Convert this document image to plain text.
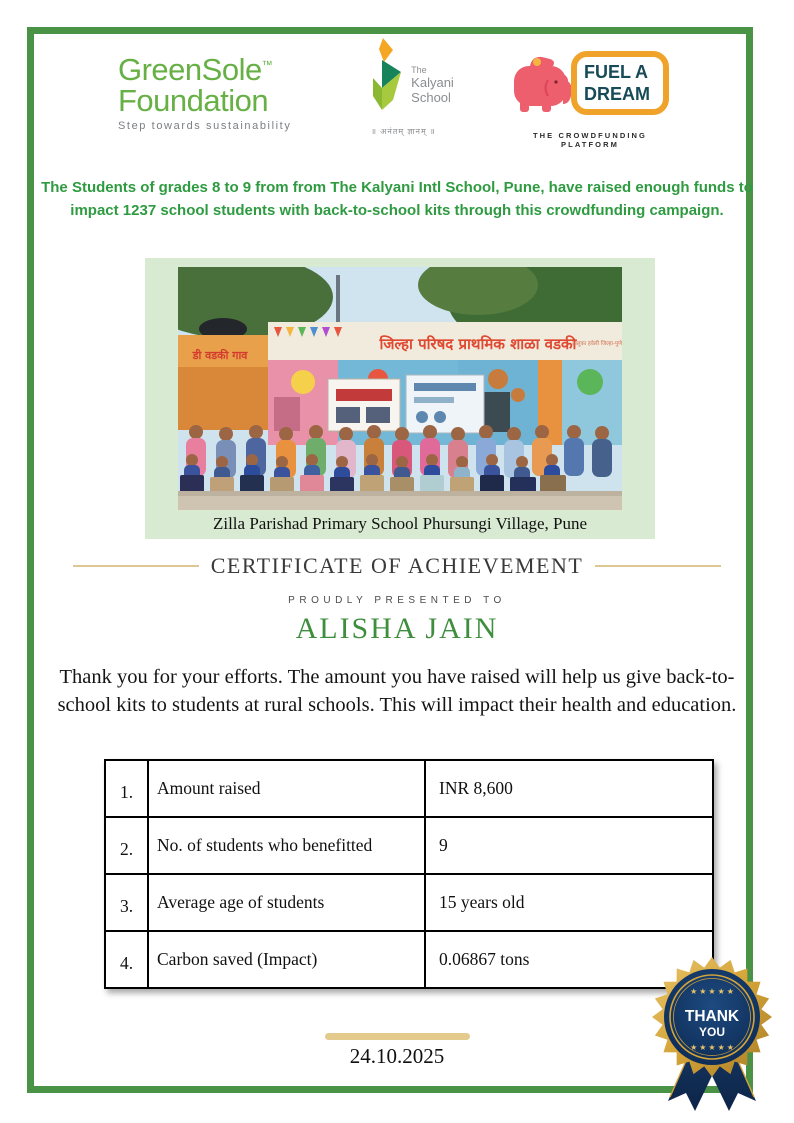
GreenSole™
Foundation
Step towards sustainability
The
Kalyani
School
॥ अनंतम् ज्ञानम् ॥
FUEL A
DREAM
THE CROWDFUNDING PLATFORM
The Students of grades 8 to 9 from from The Kalyani Intl School, Pune, have raised enough funds to impact 1237 school students with back-to-school kits through this crowdfunding campaign.
जिल्हा परिषद प्राथमिक शाळा वडकी
तालुका हवेली जिल्हा-पुणे.
डी वडकी गाव
Zilla Parishad Primary School Phursungi Village, Pune
CERTIFICATE OF ACHIEVEMENT
PROUDLY PRESENTED TO
ALISHA JAIN
Thank you for your efforts. The amount you have raised will help us give back-to-school kits to students at rural schools. This will impact their health and education.
1.	Amount raised	INR 8,600
2.	No. of students who benefitted	9
3.	Average age of students	15 years old
4.	Carbon saved (Impact)	0.06867 tons
24.10.2025
★ ★ ★ ★ ★
THANK
YOU
★ ★ ★ ★ ★
